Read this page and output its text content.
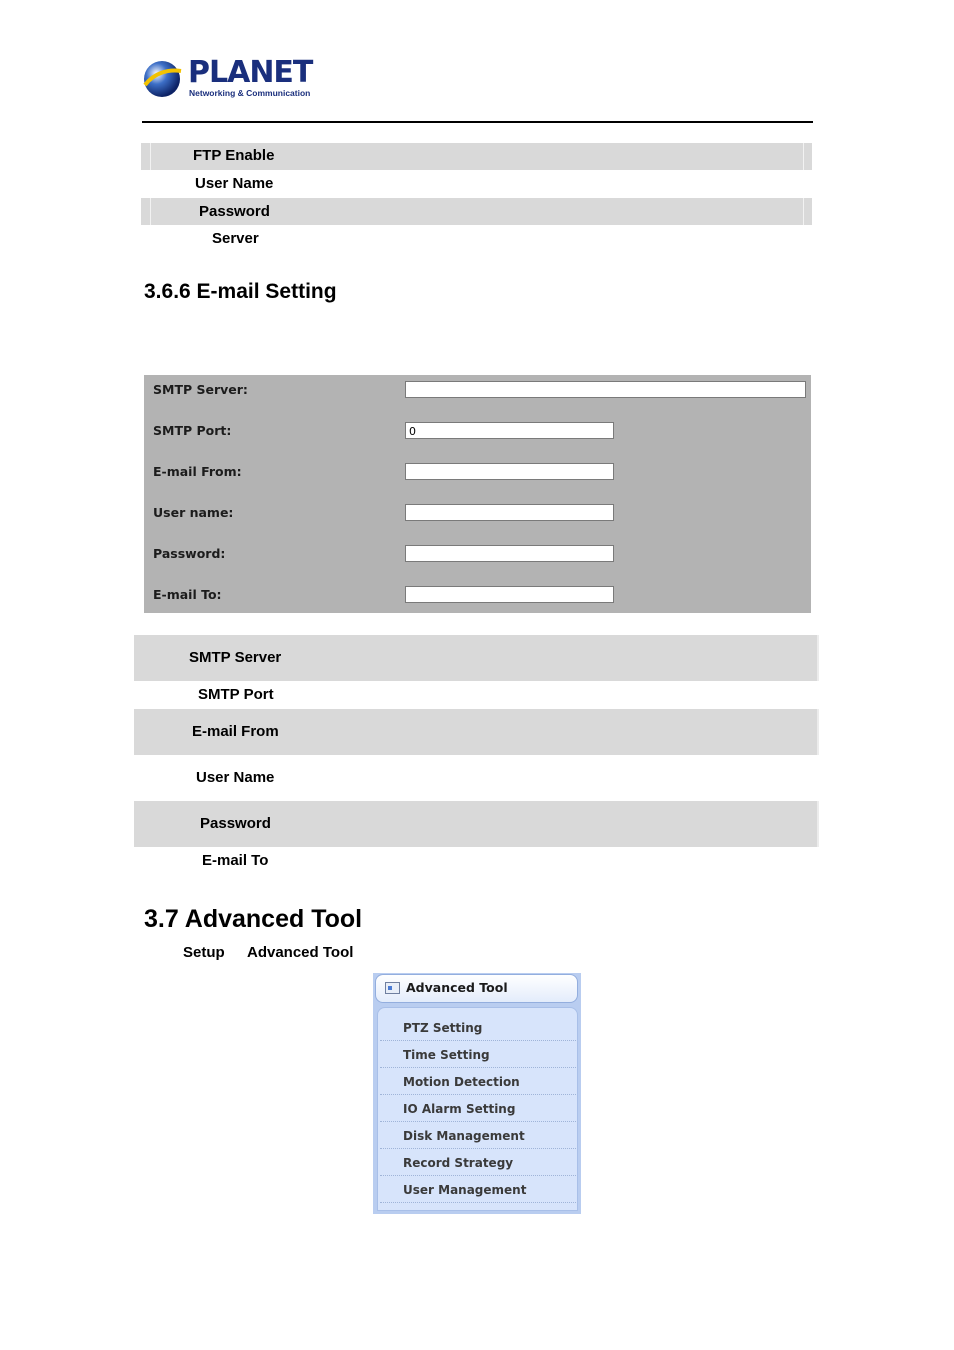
PLANET
Networking & Communication
FTP Enable
User Name
Password
Server
3.6.6 E-mail Setting
SMTP Server:
SMTP Port:	0
E-mail From:
User name:
Password:
E-mail To:
SMTP Server
SMTP Port
E-mail From
User Name
Password
E-mail To
3.7 Advanced Tool
Setup Advanced Tool
Advanced Tool
PTZ Setting
Time Setting
Motion Detection
IO Alarm Setting
Disk Management
Record Strategy
User Management
